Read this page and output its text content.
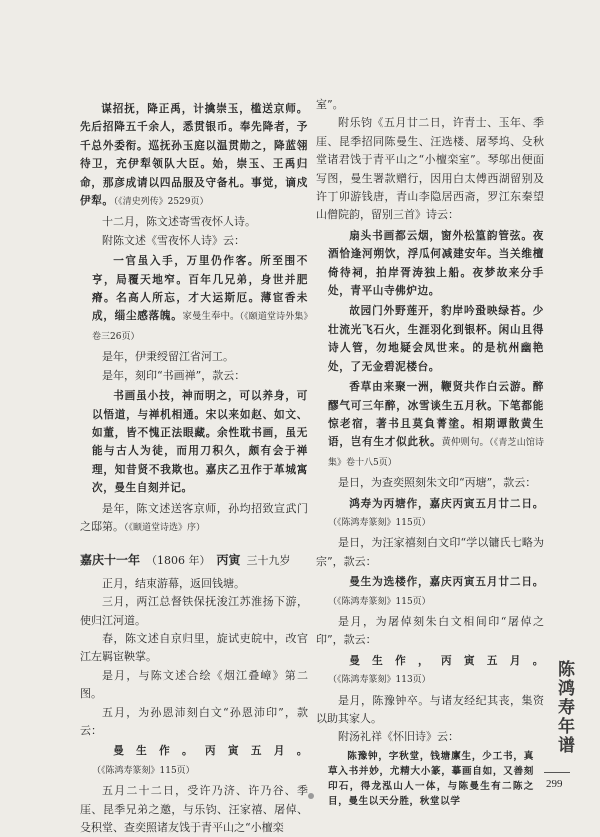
谋招抚，降正禹，计擒崇玉，槛送京师。先后招降五千余人，悉贯银币。奉先降者，予千总外委衔。巡抚孙玉庭以温贯勋之，降蓝翎待卫，充伊犁领队大臣。始，崇玉、王禹归命，那彦成请以四品服及守备札。事觉，谪戍伊犁。（《清史列传》2529页）

十二月，陈文述寄雪夜怀人诗。

附陈文述《雪夜怀人诗》云：

一官虽入手，万里仍作客。所至围不亨，局覆天地窄。百年几兄弟，身世并肥瘠。名高人所忘，才大运斯厄。薄宦香未成，缁尘感落魄。家曼生奉中。（《颐道堂诗外集》卷三26页）

是年，伊秉绶留江省河工。

是年，刻印“书画禅”，款云：

书画虽小技，神而明之，可以养身，可以悟道，与禅机相通。宋以来如赵、如文、如董，皆不愧正法眼藏。余性耽书画，虽无能与古人为徒，而用刀积久，颇有会于禅理，知昔贤不我欺也。嘉庆乙丑作于革城寓次，曼生自刻并记。

是年，陈文述送客京师，孙均招致宣武门之邸第。（《颐道堂诗选》序）

嘉庆十一年 （1806 年） 丙寅 三十九岁

正月，结束游幕，返回钱塘。

三月，两江总督铁保抚浚江苏淮扬下游，使归江河道。

春，陈文述自京归里，旋试吏皖中，改官江左羁宦鞅掌。

是月，与陈文述合绘《烟江叠嶂》第二图。

五月，为孙恩沛刻白文“孙恩沛印”，款云：

曼生作。丙寅五月。（《陈鸿寿篆刻》115页）

五月二十二日，受许乃济、许乃谷、季厓、昆季兄弟之邀，与乐钧、汪家禧、屠倬、殳积堂、查奕照诸友饯于青平山之“小檀栾

室”。

附乐钧《五月廿二日，许青士、玉年、季厓、昆季招同陈曼生、汪选楼、屠琴坞、殳秋堂诸君饯于青平山之“小檀栾室”。琴邬出便面写图，曼生署款赠行，因用白太傅西湖留别及许丁卯游钱唐，青山李隐居西斋，罗江东秦望山僧院韵，留别三首》诗云：

扇头书画都云烟，窗外松篁韵管弦。夜酒恰逢河朔饮，浮瓜何减建安年。当关维檀倚待祠，拍岸胥涛独上船。夜梦故来分手处，青平山寺佛炉边。

故园门外野莲开，豹岸吟蛩映绿苔。少壮流光飞石火，生涯羽化到银杯。闲山且得诗人管，勿地疑会凤世来。的是杭州幽艳处，了无金碧泥楼台。

香草由来聚一洲，鞭贤共作白云游。醉醪气可三年醉，冰雪谈生五月秋。下笔都能惊老宿，著书且莫負菁塗。相期谭散黄生语，岂有生才似此秋。黄仲则句。（《青芝山馆诗集》卷十八5页）

是日，为查奕照刻朱文印“丙塘”，款云：

鸿寿为丙塘作，嘉庆丙寅五月廿二日。（《陈鸿寿篆刻》115页）

是日，为汪家禧刻白文印“学以镛氏七略为宗”，款云：

曼生为选楼作，嘉庆丙寅五月廿二日。（《陈鸿寿篆刻》115页）

是月，为屠倬刻朱白文相间印“屠倬之印”，款云：

曼生作，丙寅五月。（《陈鸿寿篆刻》113页）

是月，陈豫钟卒。与诸友经纪其丧，集资以助其家人。

附汤礼祥《怀旧诗》云：

陈豫钟，字秋堂，钱塘廪生，少工书，真草入书并妙，尤精大小篆，摹画自如，又善刻印石，得龙泓山人一体，与陈曼生有二陈之目，曼生以天分胜，秋堂以学

陈鸿寿年谱
299
